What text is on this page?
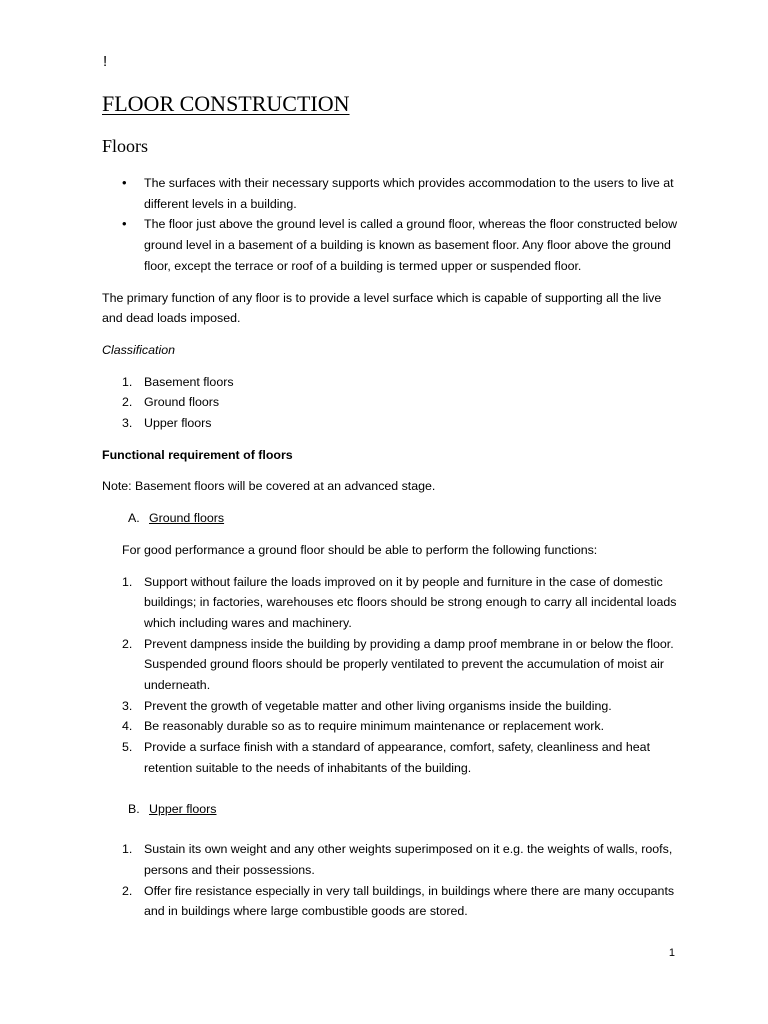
!
FLOOR CONSTRUCTION
Floors
• The surfaces with their necessary supports which provides accommodation to the users to live at different levels in a building.
• The floor just above the ground level is called a ground floor, whereas the floor constructed below ground level in a basement of a building is known as basement floor. Any floor above the ground floor, except the terrace or roof of a building is termed upper or suspended floor.

The primary function of any floor is to provide a level surface which is capable of supporting all the live and dead loads imposed.

Classification

1. Basement floors
2. Ground floors
3. Upper floors

Functional requirement of floors

Note: Basement floors will be covered at an advanced stage.

A. Ground floors

For good performance a ground floor should be able to perform the following functions:

1. Support without failure the loads improved on it by people and furniture in the case of domestic buildings; in factories, warehouses etc floors should be strong enough to carry all incidental loads which including wares and machinery.
2. Prevent dampness inside the building by providing a damp proof membrane in or below the floor. Suspended ground floors should be properly ventilated to prevent the accumulation of moist air underneath.
3. Prevent the growth of vegetable matter and other living organisms inside the building.
4. Be reasonably durable so as to require minimum maintenance or replacement work.
5. Provide a surface finish with a standard of appearance, comfort, safety, cleanliness and heat retention suitable to the needs of inhabitants of the building.

B. Upper floors

1. Sustain its own weight and any other weights superimposed on it e.g. the weights of walls, roofs, persons and their possessions.
2. Offer fire resistance especially in very tall buildings, in buildings where there are many occupants and in buildings where large combustible goods are stored.
1
